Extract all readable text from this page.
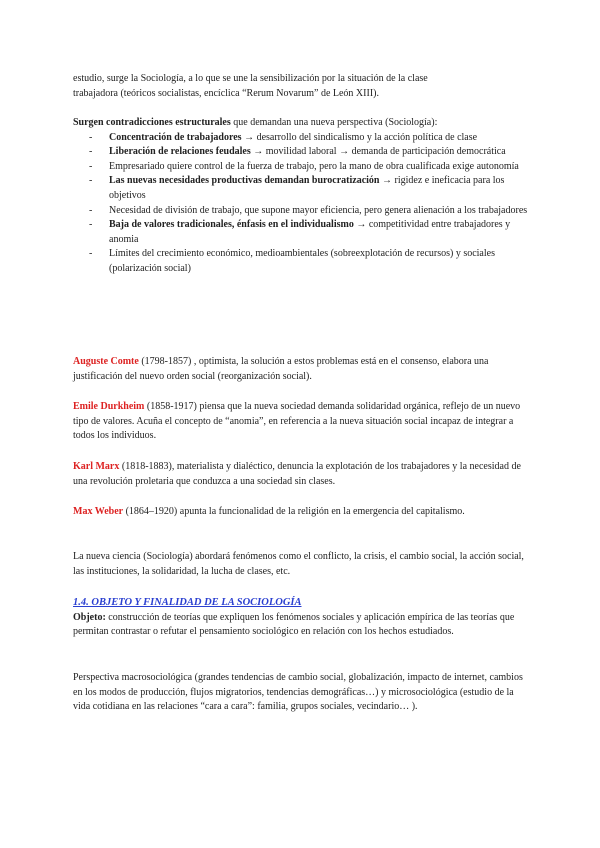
estudio, surge la Sociología, a lo que se une la sensibilización por la situación de la clase

trabajadora (teóricos socialistas, encíclica “Rerum Novarum” de León XIII).

Surgen contradicciones estructurales que demandan una nueva perspectiva (Sociología):

- Concentración de trabajadores → desarrollo del sindicalismo y la acción política de clase
- Liberación de relaciones feudales → movilidad laboral → demanda de participación democrática
- Empresariado quiere control de la fuerza de trabajo, pero la mano de obra cualificada exige autonomía
- Las nuevas necesidades productivas demandan burocratización → rigidez e ineficacia para los objetivos
- Necesidad de división de trabajo, que supone mayor eficiencia, pero genera alienación a los trabajadores
- Baja de valores tradicionales, énfasis en el individualismo → competitividad entre trabajadores y anomia
- Límites del crecimiento económico, medioambientales (sobreexplotación de recursos) y sociales (polarización social)

Auguste Comte (1798-1857) , optimista, la solución a estos problemas está en el consenso, elabora una justificación del nuevo orden social (reorganización social).

Emile Durkheim (1858-1917) piensa que la nueva sociedad demanda solidaridad orgánica, reflejo de un nuevo tipo de valores. Acuña el concepto de “anomia”, en referencia a la nueva situación social incapaz de integrar a todos los individuos.

Karl Marx (1818-1883), materialista y dialéctico, denuncia la explotación de los trabajadores y la necesidad de una revolución proletaria que conduzca a una sociedad sin clases.

Max Weber (1864–1920) apunta la funcionalidad de la religión en la emergencia del capitalismo.

La nueva ciencia (Sociología) abordará fenómenos como el conflicto, la crisis, el cambio social, la acción social, las instituciones, la solidaridad, la lucha de clases, etc.

1.4. OBJETO Y FINALIDAD DE LA SOCIOLOGÍA

Objeto: construcción de teorías que expliquen los fenómenos sociales y aplicación empírica de las teorías que permitan contrastar o refutar el pensamiento sociológico en relación con los hechos estudiados.

Perspectiva macrosociológica (grandes tendencias de cambio social, globalización, impacto de internet, cambios en los modos de producción, flujos migratorios, tendencias demográficas…) y microsociológica (estudio de la vida cotidiana en las relaciones “cara a cara”: familia, grupos sociales, vecindario… ).
